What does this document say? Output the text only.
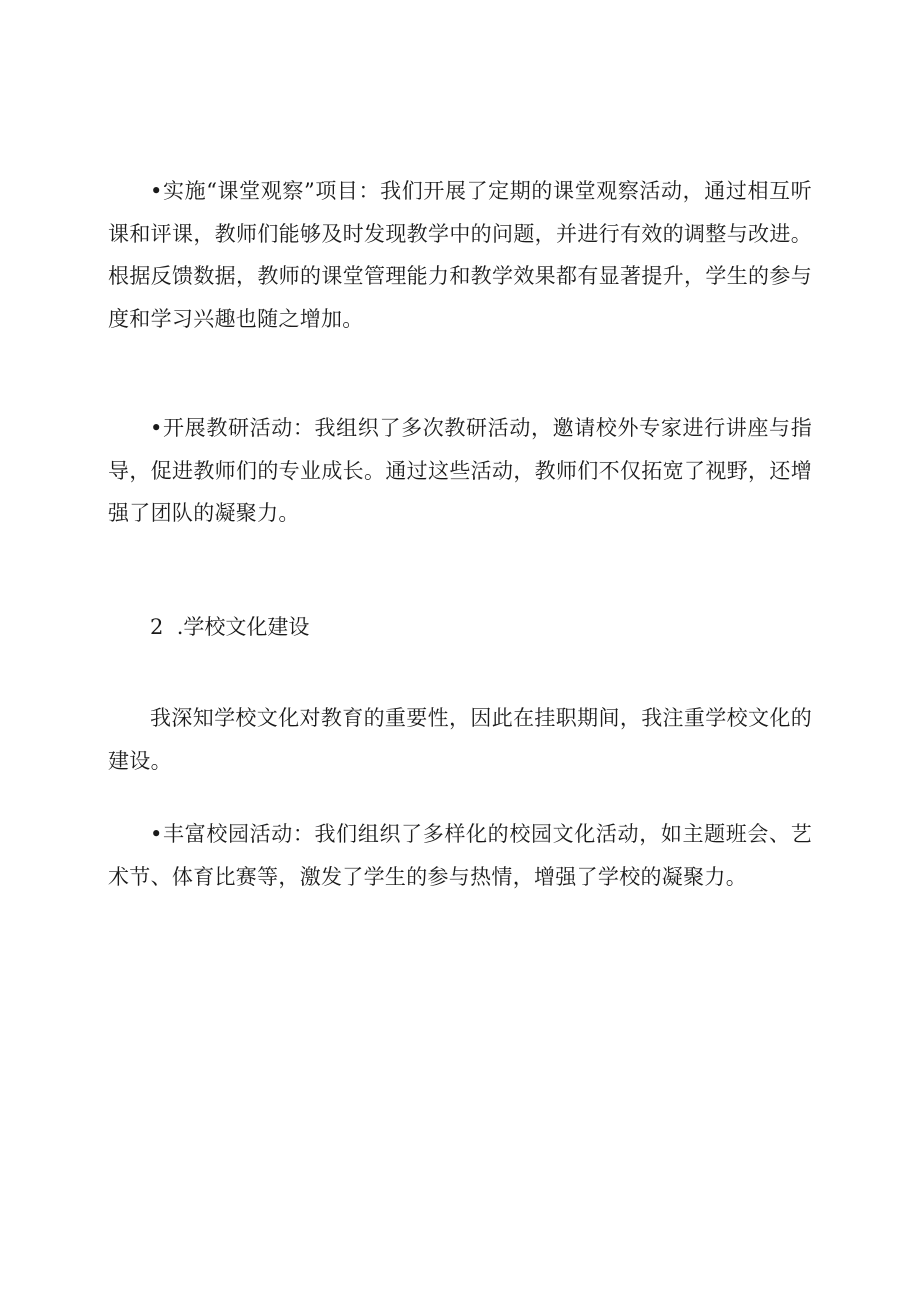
•实施“课堂观察”项目：我们开展了定期的课堂观察活动，通过相互听课和评课，教师们能够及时发现教学中的问题，并进行有效的调整与改进。根据反馈数据，教师的课堂管理能力和教学效果都有显著提升，学生的参与度和学习兴趣也随之增加。

•开展教研活动：我组织了多次教研活动，邀请校外专家进行讲座与指导，促进教师们的专业成长。通过这些活动，教师们不仅拓宽了视野，还增强了团队的凝聚力。

2  .学校文化建设

我深知学校文化对教育的重要性，因此在挂职期间，我注重学校文化的建设。

•丰富校园活动：我们组织了多样化的校园文化活动，如主题班会、艺术节、体育比赛等，激发了学生的参与热情，增强了学校的凝聚力。
